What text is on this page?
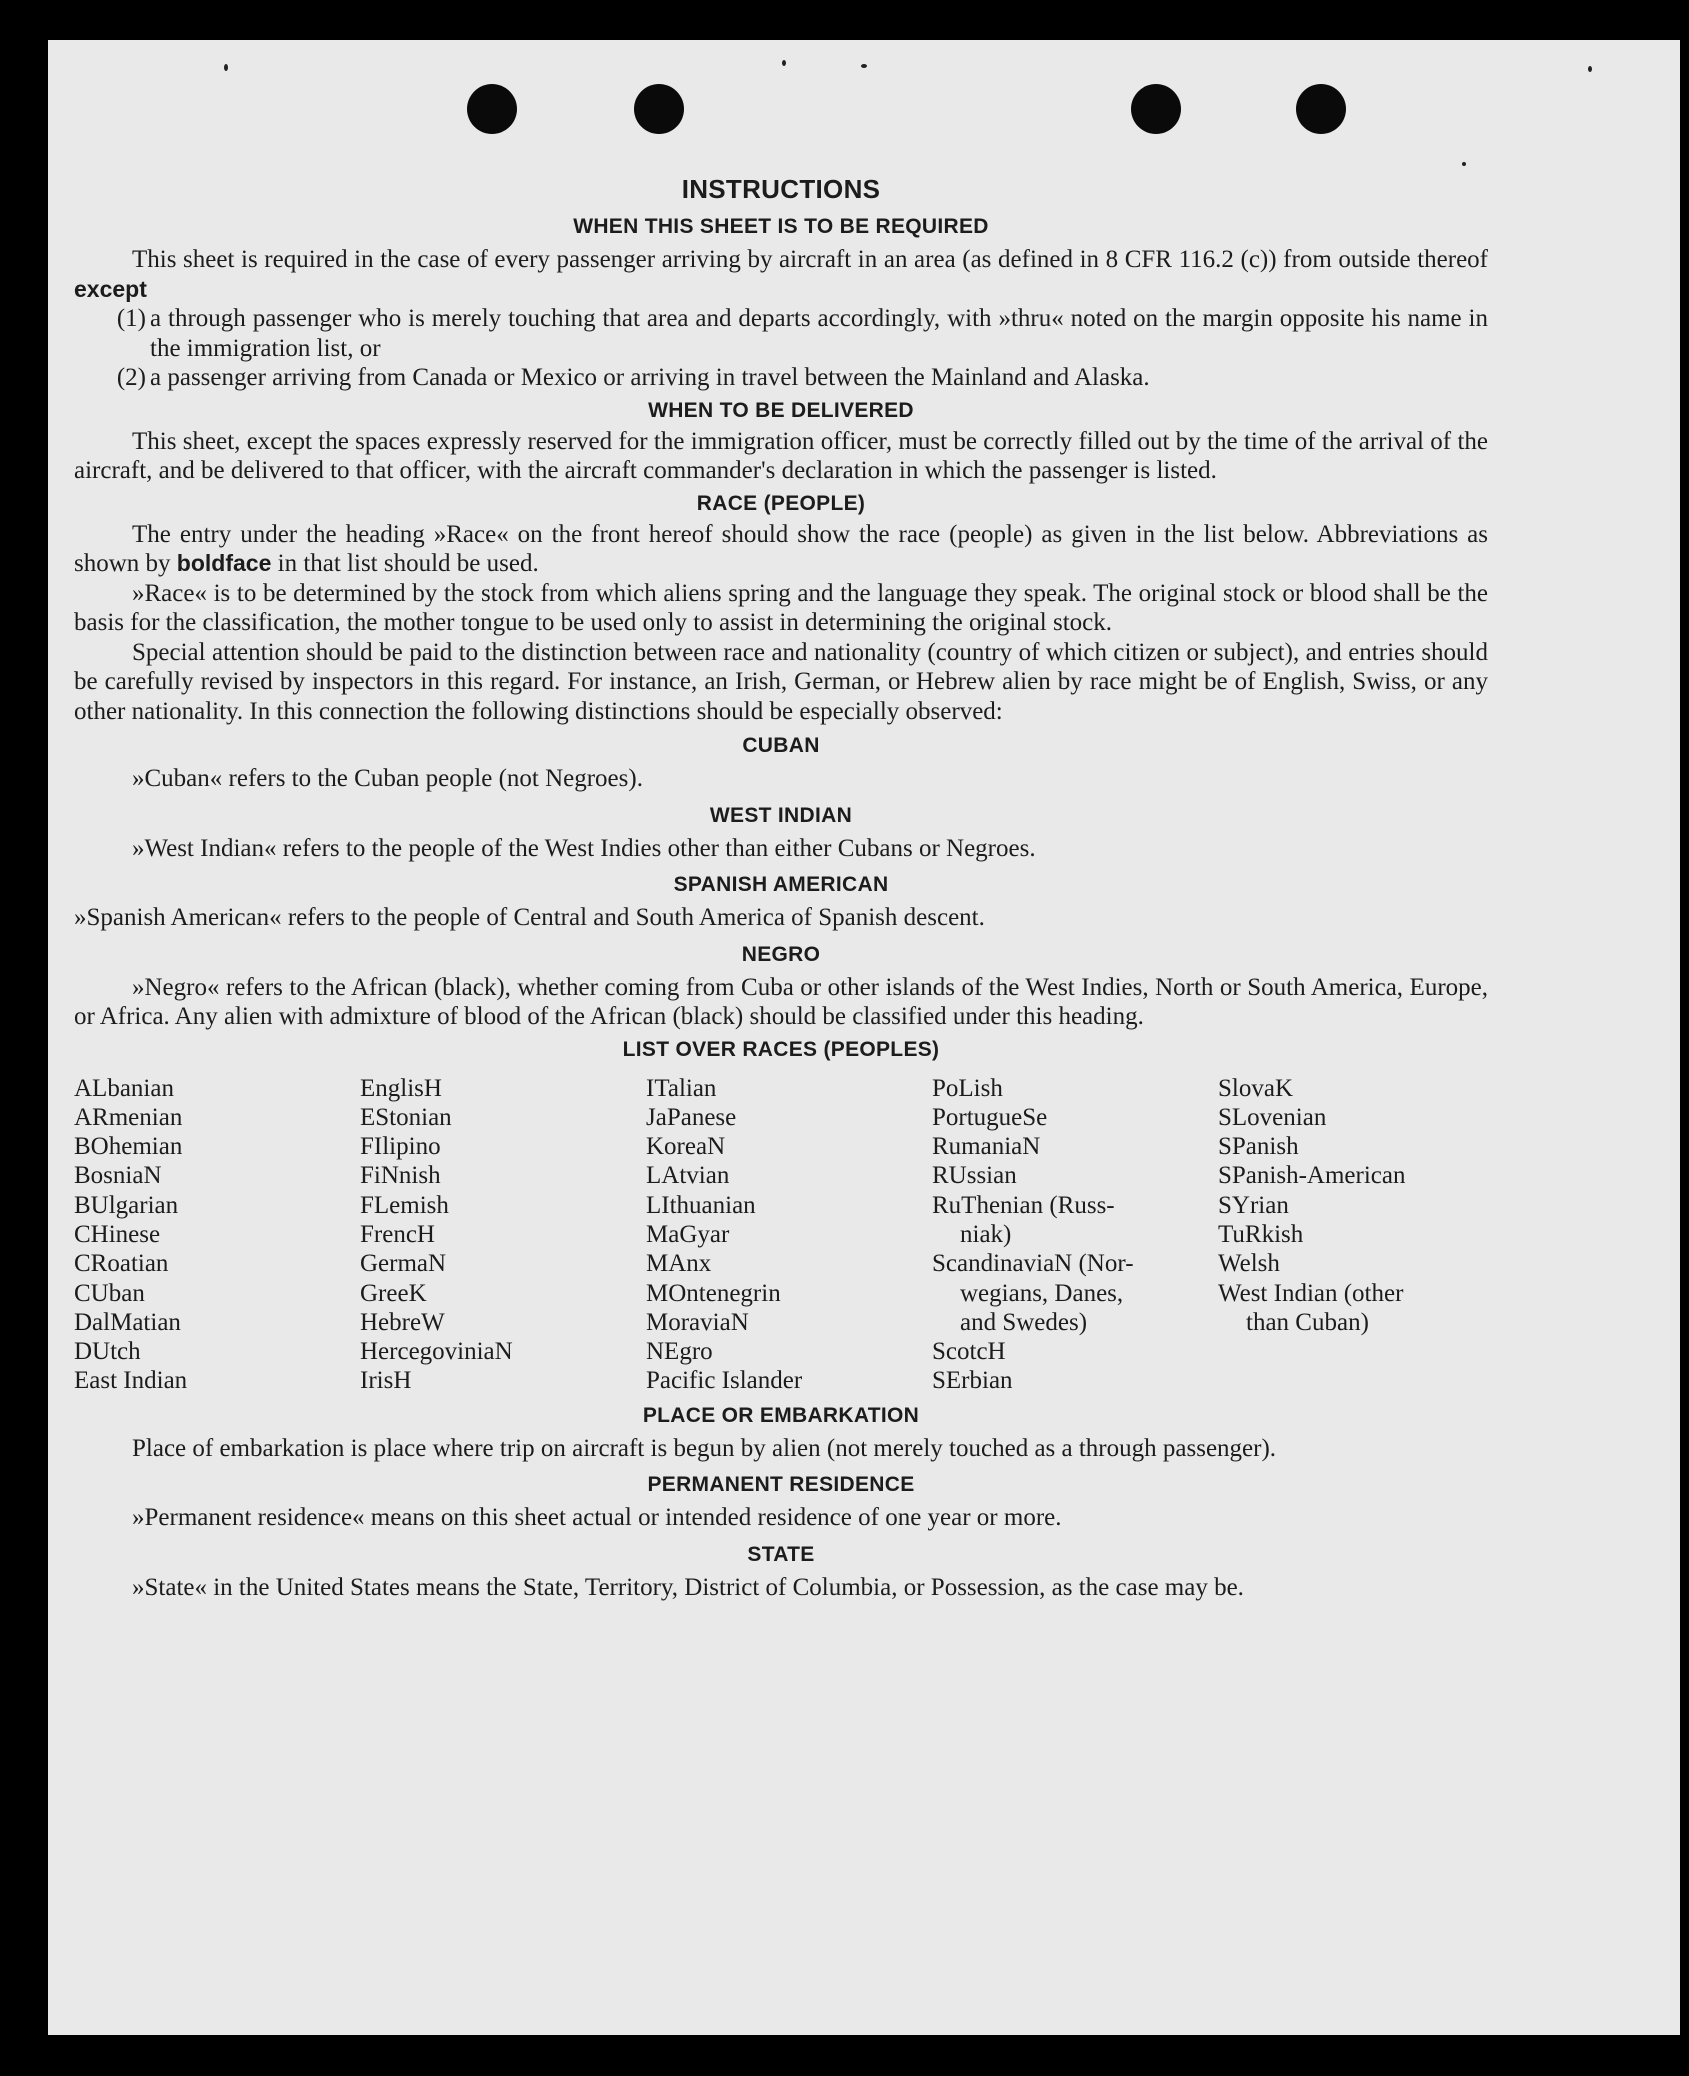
INSTRUCTIONS

WHEN THIS SHEET IS TO BE REQUIRED

This sheet is required in the case of every passenger arriving by aircraft in an area (as defined in 8 CFR 116.2 (c)) from outside thereof except

(1) a through passenger who is merely touching that area and departs accordingly, with »thru« noted on the margin opposite his name in the immigration list, or
(2) a passenger arriving from Canada or Mexico or arriving in travel between the Mainland and Alaska.

WHEN TO BE DELIVERED

This sheet, except the spaces expressly reserved for the immigration officer, must be correctly filled out by the time of the arrival of the aircraft, and be delivered to that officer, with the aircraft commander's declaration in which the passenger is listed.

RACE (PEOPLE)

The entry under the heading »Race« on the front hereof should show the race (people) as given in the list below. Abbreviations as shown by boldface in that list should be used.

»Race« is to be determined by the stock from which aliens spring and the language they speak. The original stock or blood shall be the basis for the classification, the mother tongue to be used only to assist in determining the original stock.

Special attention should be paid to the distinction between race and nationality (country of which citizen or subject), and entries should be carefully revised by inspectors in this regard. For instance, an Irish, German, or Hebrew alien by race might be of English, Swiss, or any other nationality. In this connection the following distinctions should be especially observed:

CUBAN

»Cuban« refers to the Cuban people (not Negroes).

WEST INDIAN

»West Indian« refers to the people of the West Indies other than either Cubans or Negroes.

SPANISH AMERICAN

»Spanish American« refers to the people of Central and South America of Spanish descent.

NEGRO

»Negro« refers to the African (black), whether coming from Cuba or other islands of the West Indies, North or South America, Europe, or Africa. Any alien with admixture of blood of the African (black) should be classified under this heading.

LIST OVER RACES (PEOPLES)

ALbanian
ARmenian
BOhemian
BosniaN
BUlgarian
CHinese
CRoatian
CUban
DalMatian
DUtch
East Indian
EnglisH
EStonian
FIlipino
FiNnish
FLemish
FrencH
GermaN
GreeK
HebreW
HercegoviniaN
IrisH
ITalian
JaPanese
KoreaN
LAtvian
LIthuanian
MaGyar
MAnx
MOntenegrin
MoraviaN
NEgro
Pacific Islander
PoLish
PortugueSe
RumaniaN
RUssian
RuThenian (Russ-
niak)
ScandinaviaN (Nor-
wegians, Danes,
and Swedes)
ScotcH
SErbian
SlovaK
SLovenian
SPanish
SPanish-American
SYrian
TuRkish
Welsh
West Indian (other
than Cuban)

PLACE OR EMBARKATION

Place of embarkation is place where trip on aircraft is begun by alien (not merely touched as a through passenger).

PERMANENT RESIDENCE

»Permanent residence« means on this sheet actual or intended residence of one year or more.

STATE

»State« in the United States means the State, Territory, District of Columbia, or Possession, as the case may be.
